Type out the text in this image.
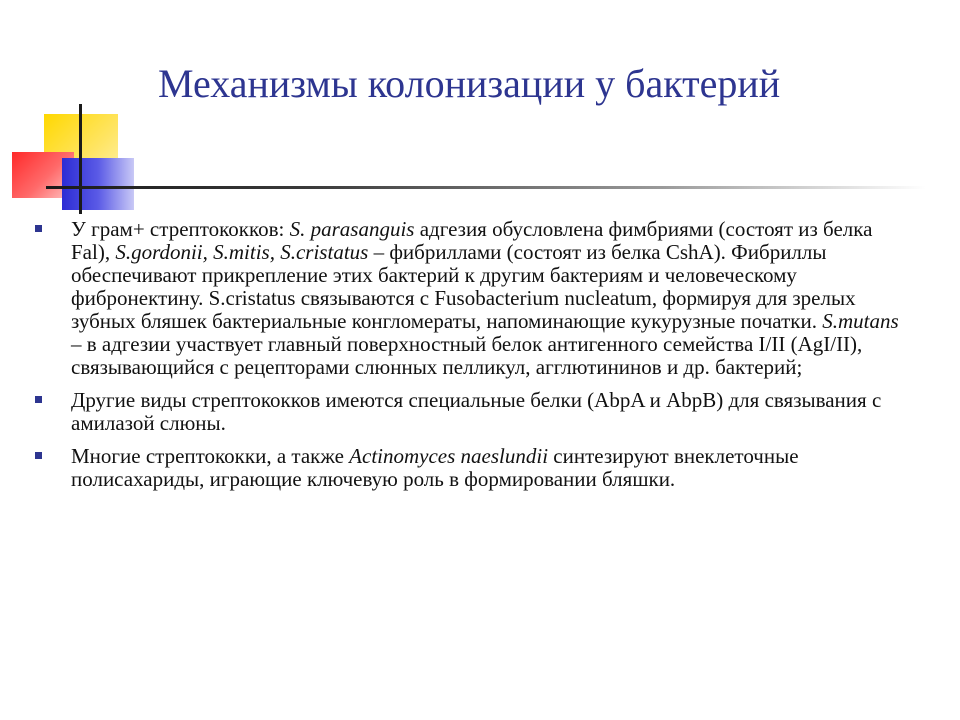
Механизмы колонизации у бактерий
У грам+ стрептококков: S. parasanguis адгезия обусловлена фимбриями (состоят из белка Fal), S.gordonii, S.mitis, S.cristatus – фибриллами (состоят из белка CshA). Фибриллы обеспечивают прикрепление этих бактерий к другим бактериям и человеческому фибронектину. S.cristatus связываются с Fusobacterium nucleatum, формируя для зрелых зубных бляшек бактериальные конгломераты, напоминающие кукурузные початки. S.mutans – в адгезии участвует главный поверхностный белок антигенного семейства I/II (AgI/II), связывающийся с рецепторами слюнных пелликул, агглютининов и др. бактерий;
Другие виды стрептококков имеются специальные белки (AbpA и AbpB) для связывания с амилазой слюны.
Многие стрептококки, а также Actinomyces naeslundii синтезируют внеклеточные полисахариды, играющие ключевую роль в формировании бляшки.
